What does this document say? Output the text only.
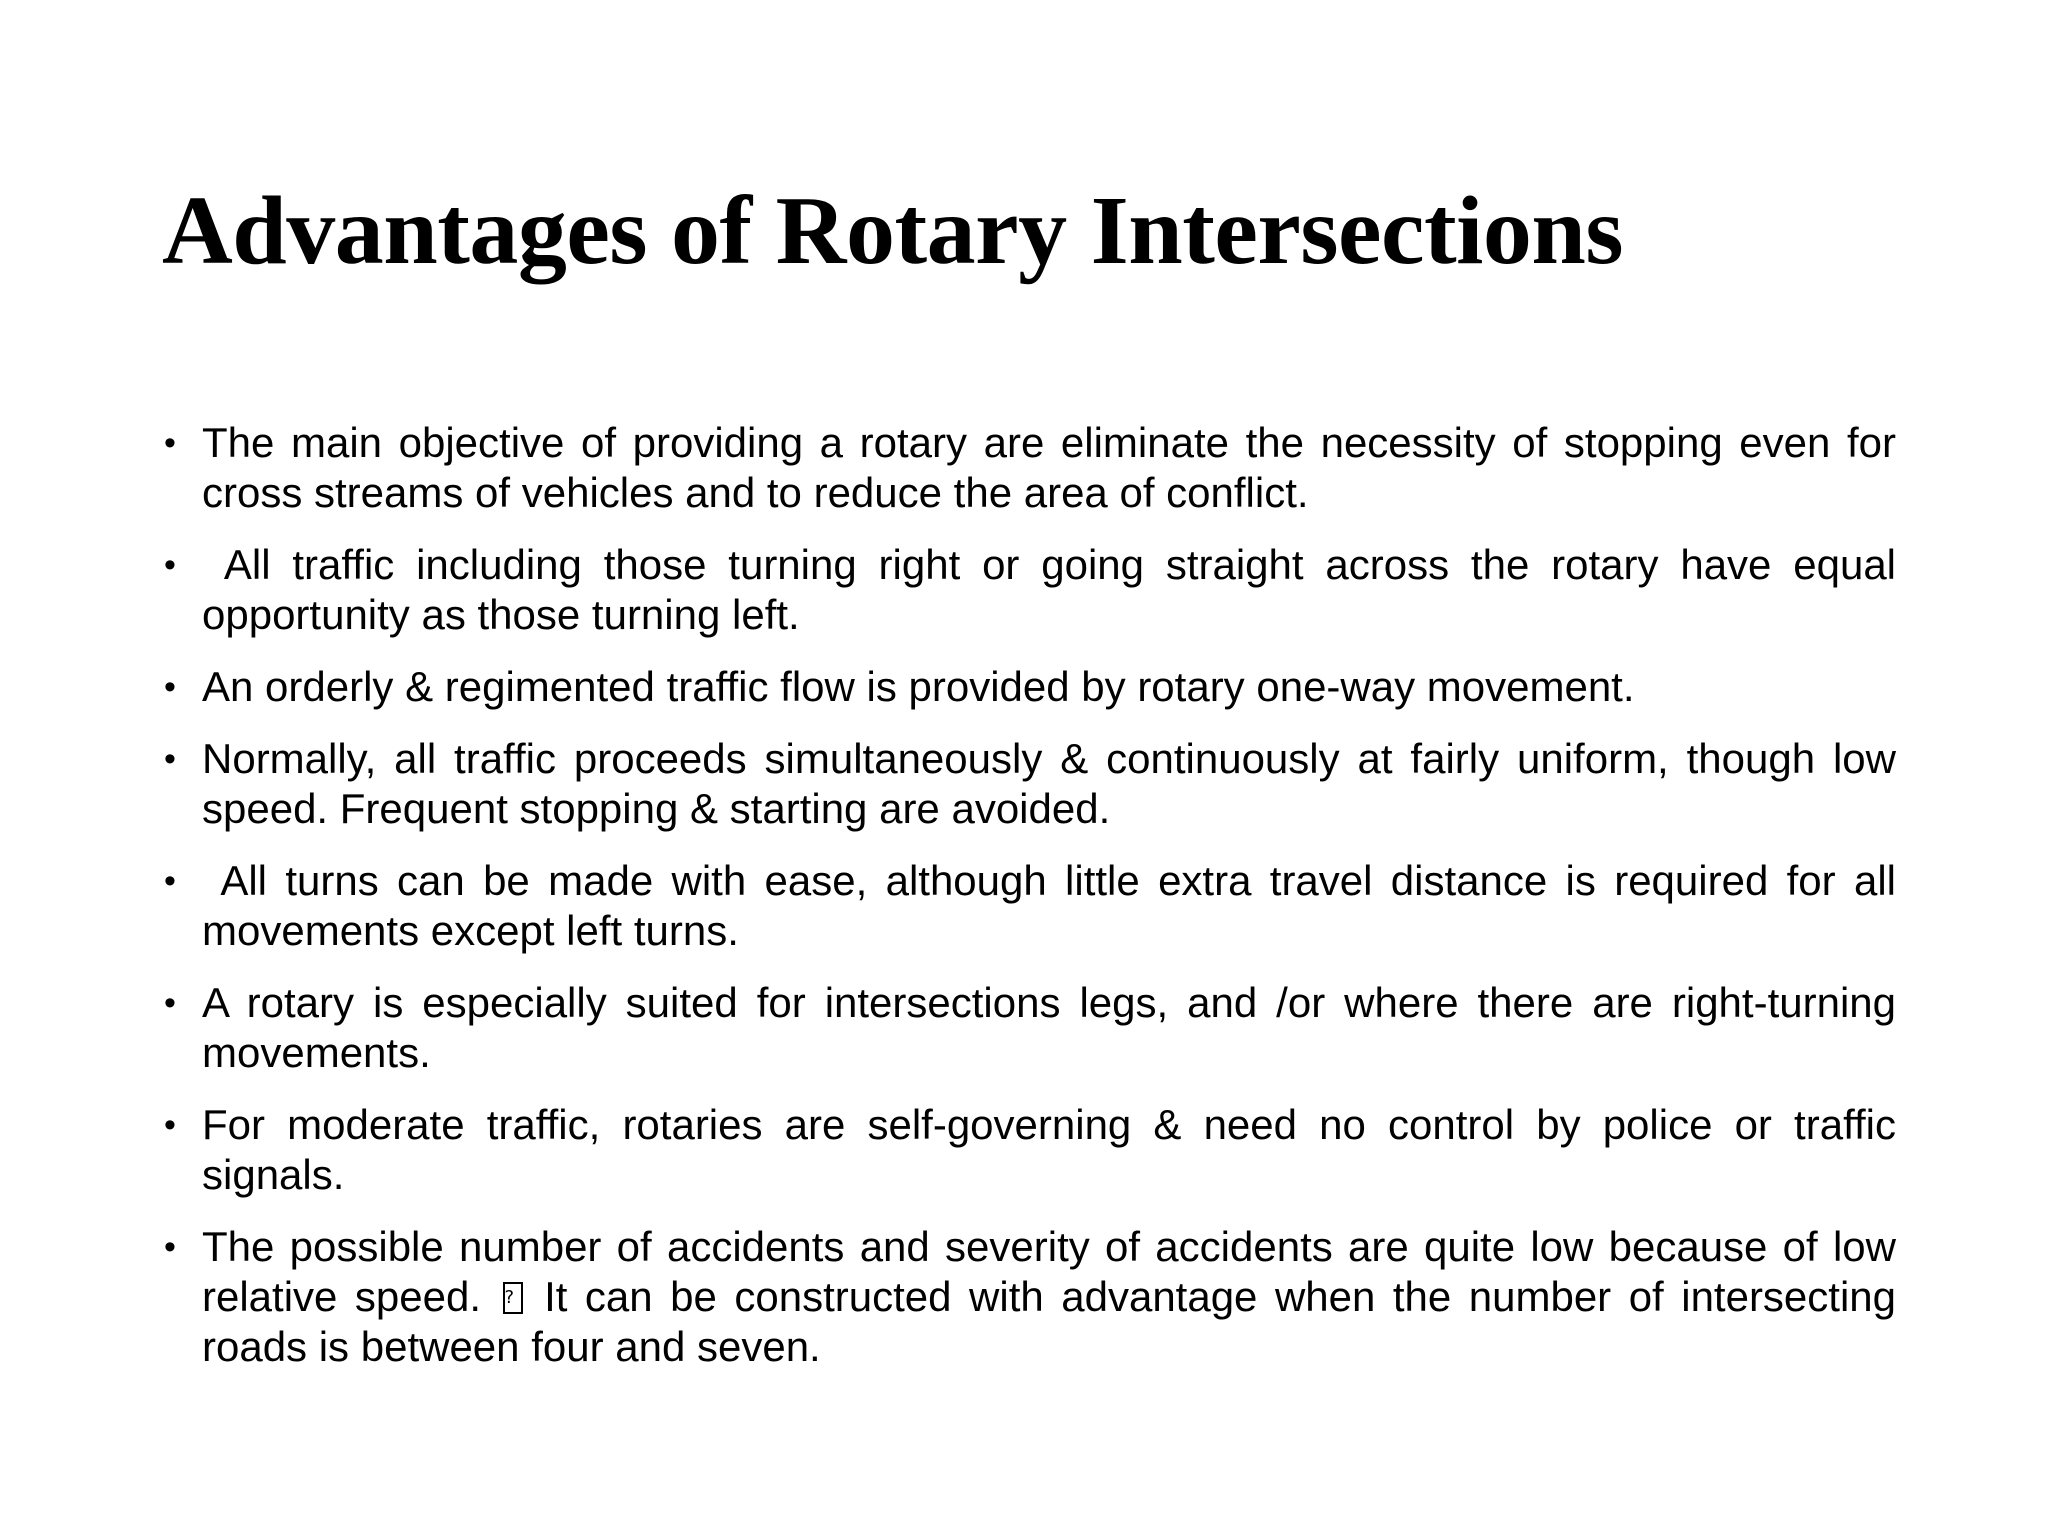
Advantages of Rotary Intersections
• The main objective of providing a rotary are eliminate the necessity of stopping even for cross streams of vehicles and to reduce the area of conflict.
• All traffic including those turning right or going straight across the rotary have equal opportunity as those turning left.
• An orderly & regimented traffic flow is provided by rotary one-way movement.
• Normally, all traffic proceeds simultaneously & continuously at fairly uniform, though low speed. Frequent stopping & starting are avoided.
• All turns can be made with ease, although little extra travel distance is required for all movements except left turns.
• A rotary is especially suited for intersections legs, and /or where there are right-turning movements.
• For moderate traffic, rotaries are self-governing & need no control by police or traffic signals.
• The possible number of accidents and severity of accidents are quite low because of low relative speed. ? It can be constructed with advantage when the number of intersecting roads is between four and seven.
